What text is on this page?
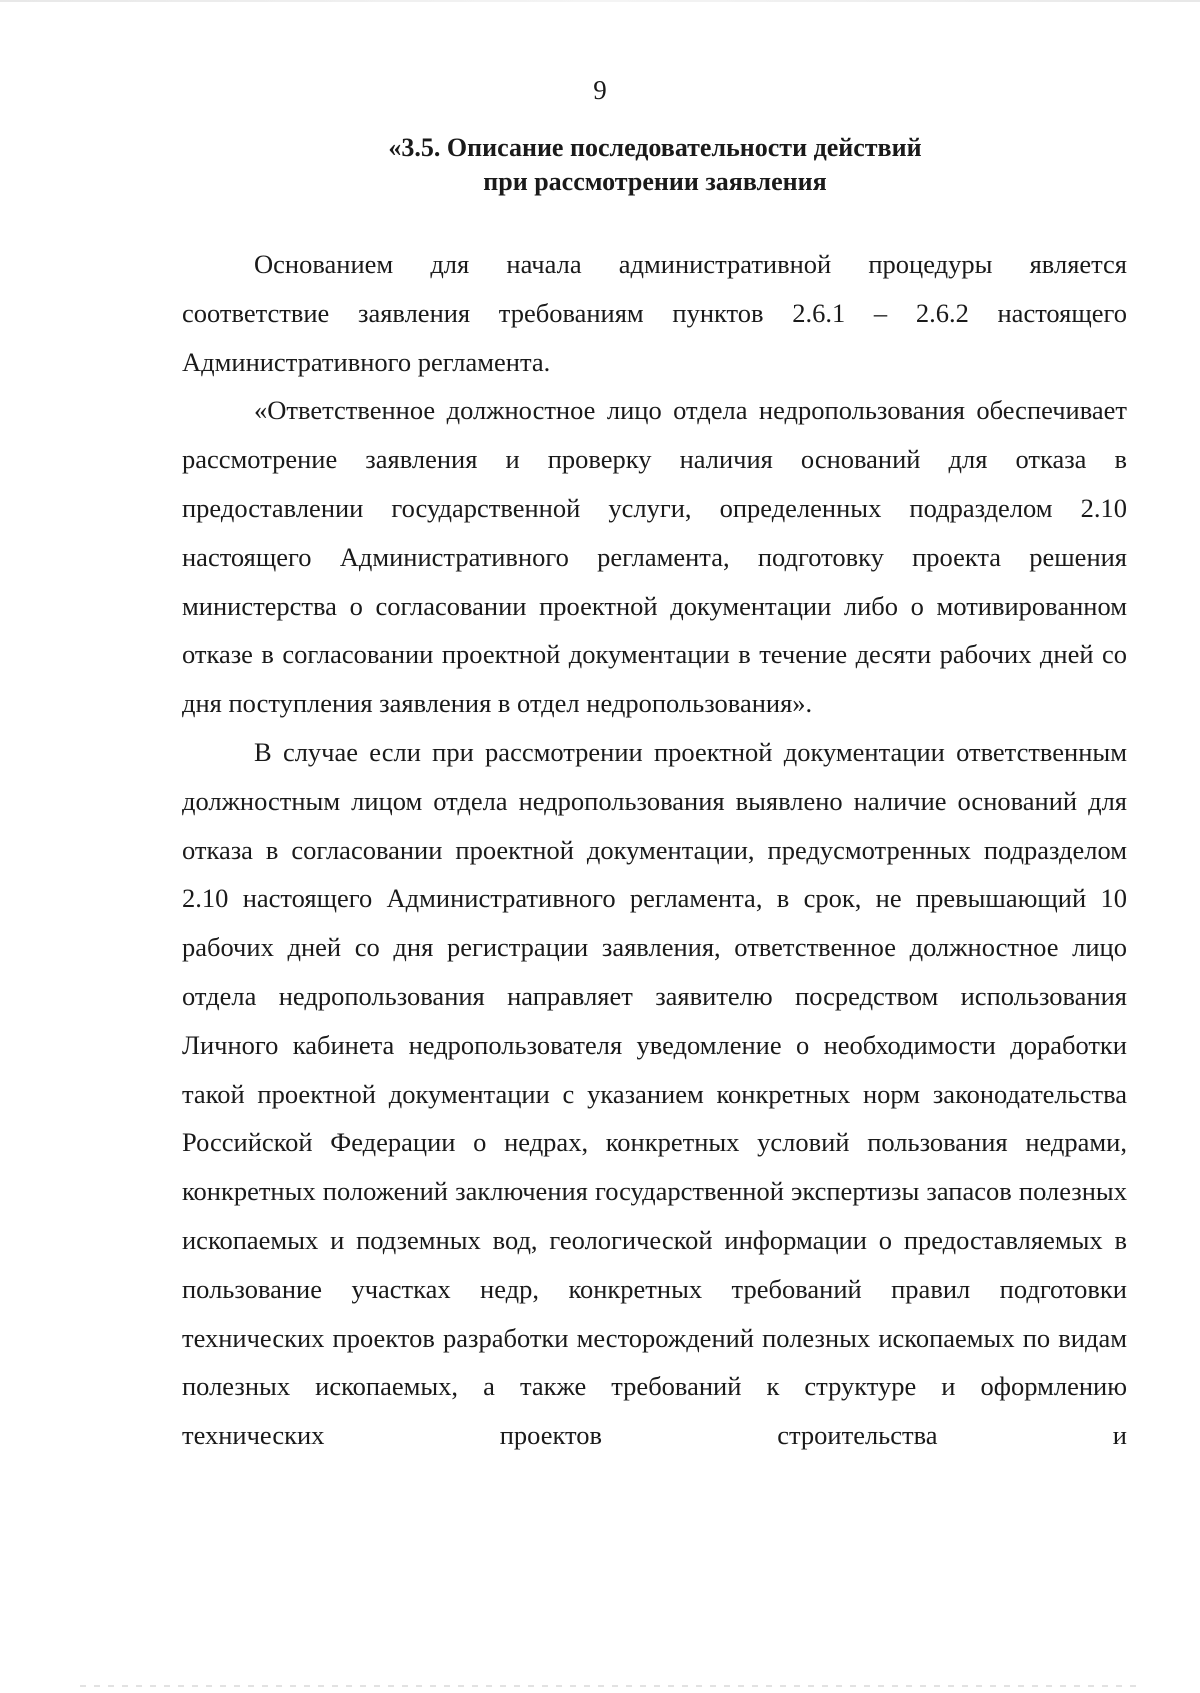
9
«3.5. Описание последовательности действий
при рассмотрении заявления

Основанием для начала административной процедуры является соответствие заявления требованиям пунктов 2.6.1 – 2.6.2 настоящего Административного регламента.

«Ответственное должностное лицо отдела недропользования обеспечивает рассмотрение заявления и проверку наличия оснований для отказа в предоставлении государственной услуги, определенных подразделом 2.10 настоящего Административного регламента, подготовку проекта решения министерства о согласовании проектной документации либо о мотивированном отказе в согласовании проектной документации в течение десяти рабочих дней со дня поступления заявления в отдел недропользования».

В случае если при рассмотрении проектной документации ответственным должностным лицом отдела недропользования выявлено наличие оснований для отказа в согласовании проектной документации, предусмотренных подразделом 2.10 настоящего Административного регламента, в срок, не превышающий 10 рабочих дней со дня регистрации заявления, ответственное должностное лицо отдела недропользования направляет заявителю посредством использования Личного кабинета недропользователя уведомление о необходимости доработки такой проектной документации с указанием конкретных норм законодательства Российской Федерации о недрах, конкретных условий пользования недрами, конкретных положений заключения государственной экспертизы запасов полезных ископаемых и подземных вод, геологической информации о предоставляемых в пользование участках недр, конкретных требований правил подготовки технических проектов разработки месторождений полезных ископаемых по видам полезных ископаемых, а также требований к структуре и оформлению технических проектов строительства и
